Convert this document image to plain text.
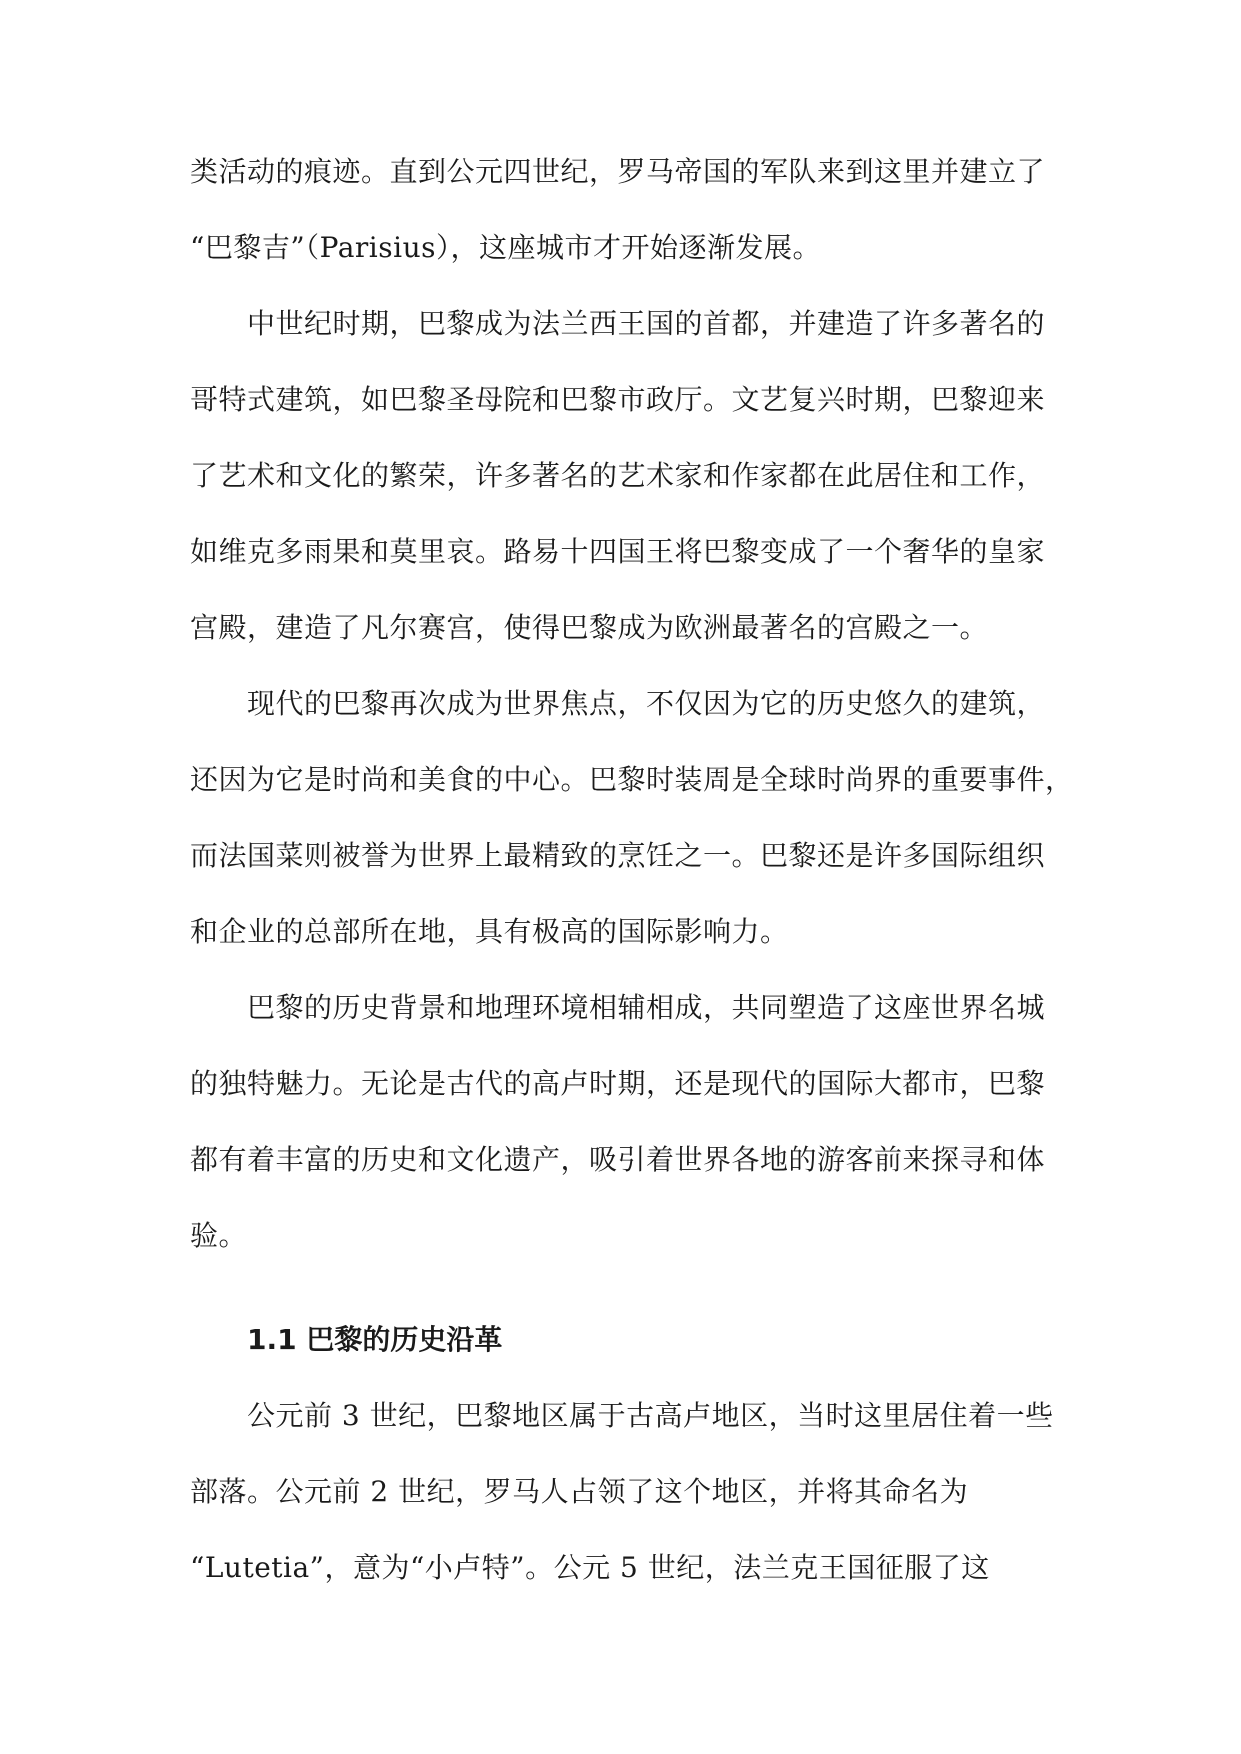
类活动的痕迹。直到公元四世纪，罗马帝国的军队来到这里并建立了
“巴黎吉”（Parisius），这座城市才开始逐渐发展。
中世纪时期，巴黎成为法兰西王国的首都，并建造了许多著名的
哥特式建筑，如巴黎圣母院和巴黎市政厅。文艺复兴时期，巴黎迎来
了艺术和文化的繁荣，许多著名的艺术家和作家都在此居住和工作，
如维克多雨果和莫里哀。路易十四国王将巴黎变成了一个奢华的皇家
宫殿，建造了凡尔赛宫，使得巴黎成为欧洲最著名的宫殿之一。
现代的巴黎再次成为世界焦点，不仅因为它的历史悠久的建筑，
还因为它是时尚和美食的中心。巴黎时装周是全球时尚界的重要事件，
而法国菜则被誉为世界上最精致的烹饪之一。巴黎还是许多国际组织
和企业的总部所在地，具有极高的国际影响力。
巴黎的历史背景和地理环境相辅相成，共同塑造了这座世界名城
的独特魅力。无论是古代的高卢时期，还是现代的国际大都市，巴黎
都有着丰富的历史和文化遗产，吸引着世界各地的游客前来探寻和体
验。
1.1 巴黎的历史沿革
公元前 3 世纪，巴黎地区属于古高卢地区，当时这里居住着一些
部落。公元前 2 世纪，罗马人占领了这个地区，并将其命名为
“Lutetia”，意为“小卢特”。公元 5 世纪，法兰克王国征服了这
